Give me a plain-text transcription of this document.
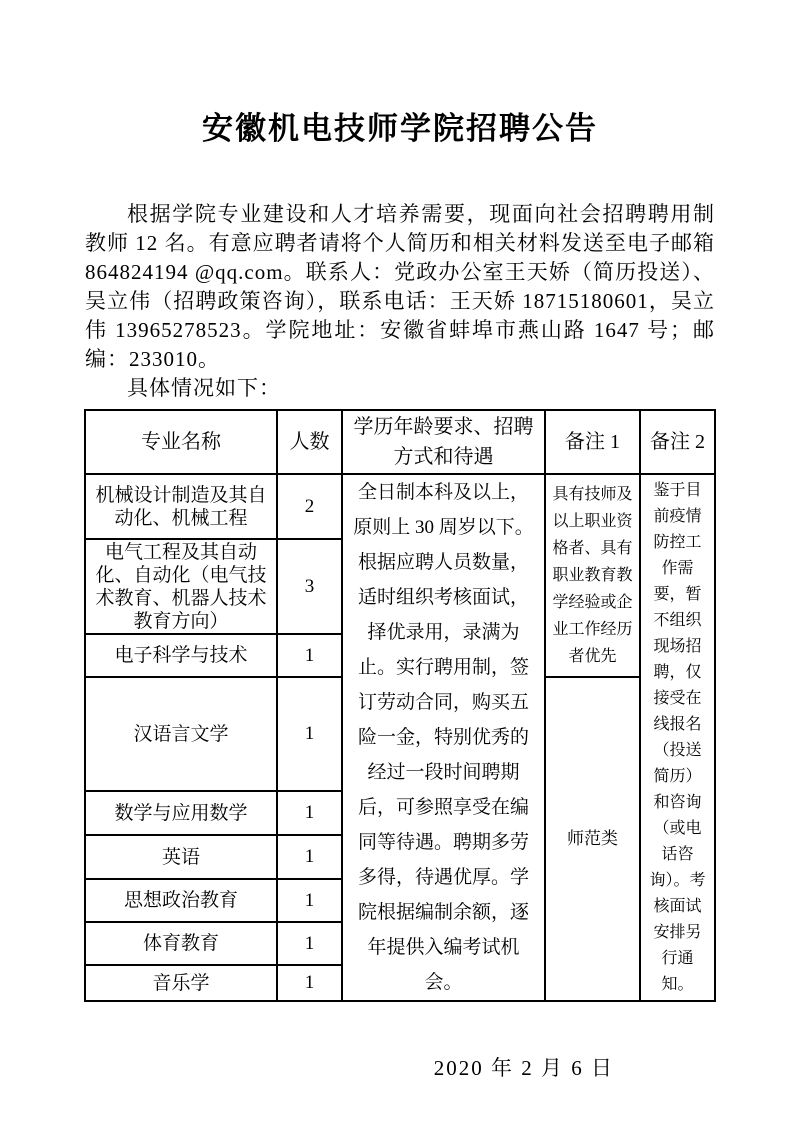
安徽机电技师学院招聘公告

根据学院专业建设和人才培养需要，现面向社会招聘聘用制教师 12 名。有意应聘者请将个人简历和相关材料发送至电子邮箱 864824194 @qq.com。联系人：党政办公室王天娇（简历投送）、吴立伟（招聘政策咨询），联系电话：王天娇 18715180601，吴立伟 13965278523。学院地址：安徽省蚌埠市燕山路 1647 号；邮编：233010。

具体情况如下：

专业名称	人数	学历年龄要求、招聘方式和待遇	备注 1	备注 2
机械设计制造及其自动化、机械工程	2	全日制本科及以上，原则上 30 周岁以下。根据应聘人员数量，适时组织考核面试，择优录用，录满为止。实行聘用制，签订劳动合同，购买五险一金，特别优秀的经过一段时间聘期后，可参照享受在编同等待遇。聘期多劳多得，待遇优厚。学院根据编制余额，逐年提供入编考试机会。	具有技师及以上职业资格者、具有职业教育教学经验或企业工作经历者优先	鉴于目前疫情防控工作需要，暂不组织现场招聘，仅接受在线报名（投送简历）和咨询（或电话咨询）。考核面试安排另行通知。
电气工程及其自动化、自动化（电气技术教育、机器人技术教育方向）	3			
电子科学与技术	1			
汉语言文学	1		师范类	
数学与应用数学	1			
英语	1			
思想政治教育	1			
体育教育	1			
音乐学	1			

2020 年 2 月 6 日
